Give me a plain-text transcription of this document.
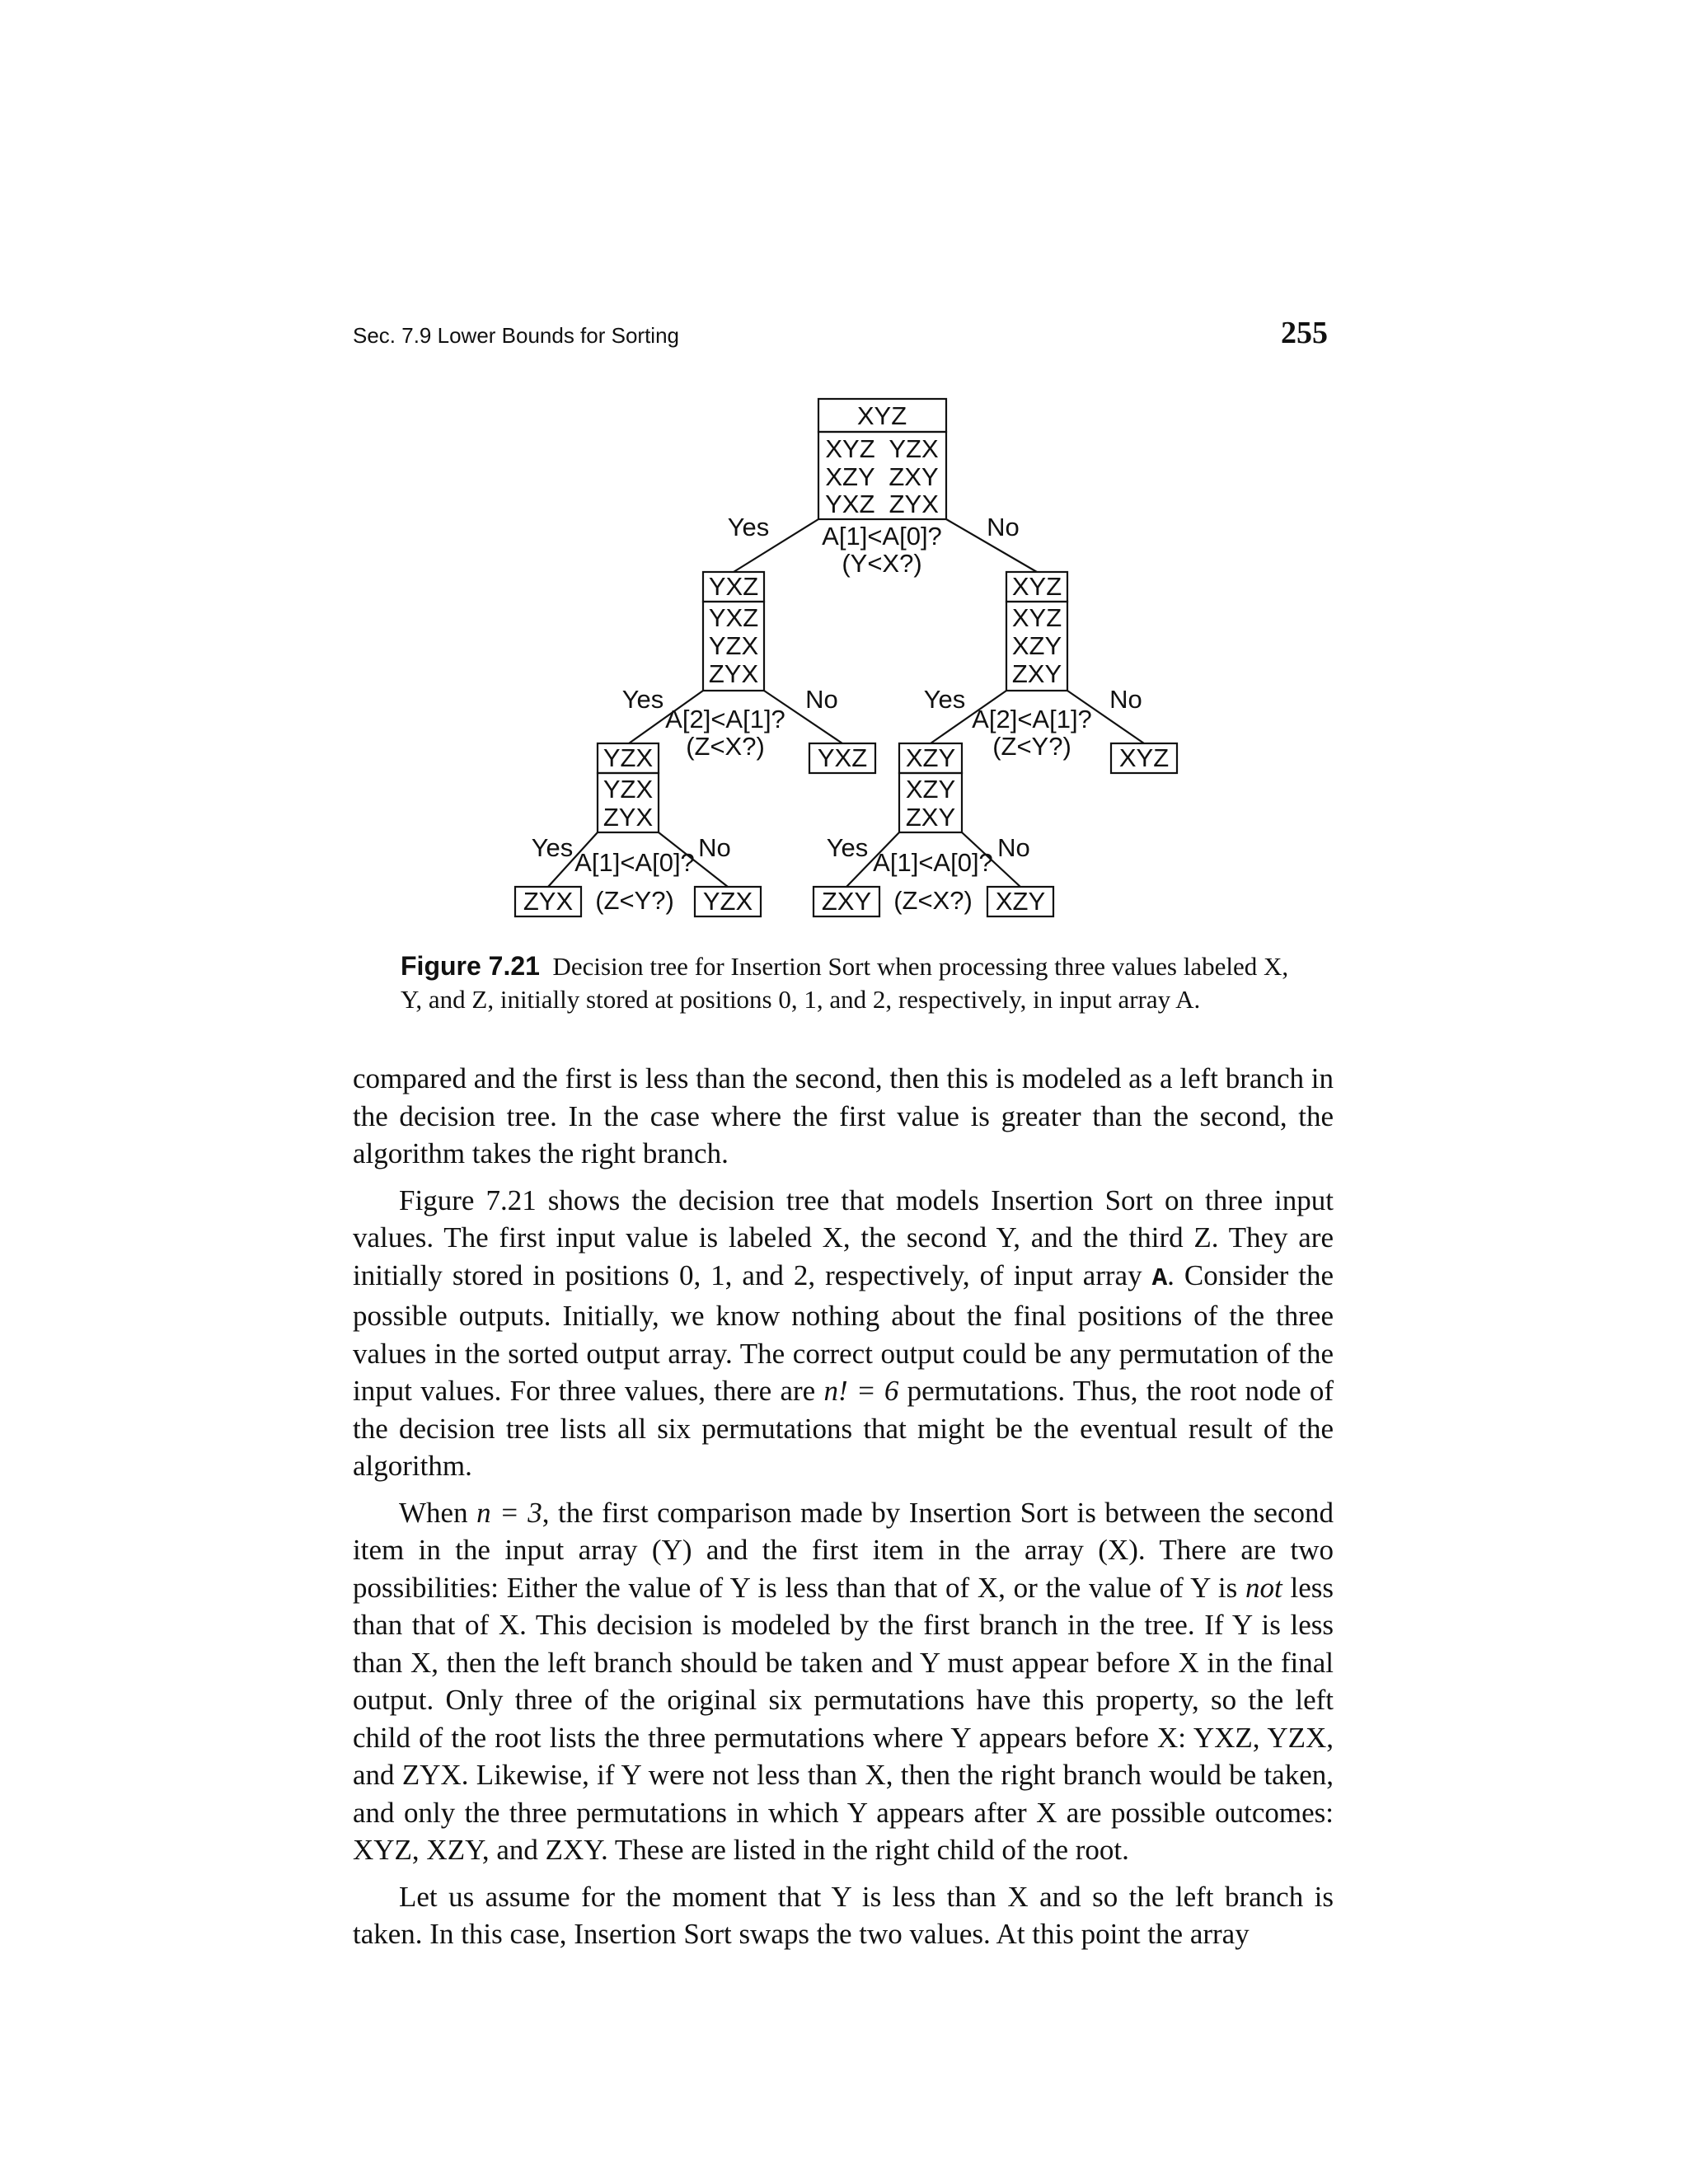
Sec. 7.9 Lower Bounds for Sorting	255
XYZ
XYZ  YZX
XZY  ZXY
YXZ  ZYX
A[1]<A[0]?
(Y<X?)
Yes	No
YXZ
YXZ
YZX
ZYX
A[2]<A[1]?
(Z<X?)
Yes	No
XYZ
XYZ
XZY
ZXY
A[2]<A[1]?
(Z<Y?)
Yes	No
YZX
YZX
ZYX
A[1]<A[0]?
(Z<Y?)
Yes	No
YXZ XZY
XZY
ZXY
A[1]<A[0]?
(Z<X?)
Yes	No
XYZ
ZYX	YZX	ZXY	XZY
Figure 7.21 Decision tree for Insertion Sort when processing three values labeled X, Y, and Z, initially stored at positions 0, 1, and 2, respectively, in input array A.

compared and the first is less than the second, then this is modeled as a left branch in the decision tree. In the case where the first value is greater than the second, the algorithm takes the right branch.

Figure 7.21 shows the decision tree that models Insertion Sort on three input values. The first input value is labeled X, the second Y, and the third Z. They are initially stored in positions 0, 1, and 2, respectively, of input array A. Consider the possible outputs. Initially, we know nothing about the final positions of the three values in the sorted output array. The correct output could be any permutation of the input values. For three values, there are n! = 6 permutations. Thus, the root node of the decision tree lists all six permutations that might be the eventual result of the algorithm.

When n = 3, the first comparison made by Insertion Sort is between the second item in the input array (Y) and the first item in the array (X). There are two possibilities: Either the value of Y is less than that of X, or the value of Y is not less than that of X. This decision is modeled by the first branch in the tree. If Y is less than X, then the left branch should be taken and Y must appear before X in the final output. Only three of the original six permutations have this property, so the left child of the root lists the three permutations where Y appears before X: YXZ, YZX, and ZYX. Likewise, if Y were not less than X, then the right branch would be taken, and only the three permutations in which Y appears after X are possible outcomes: XYZ, XZY, and ZXY. These are listed in the right child of the root.

Let us assume for the moment that Y is less than X and so the left branch is taken. In this case, Insertion Sort swaps the two values. At this point the array
